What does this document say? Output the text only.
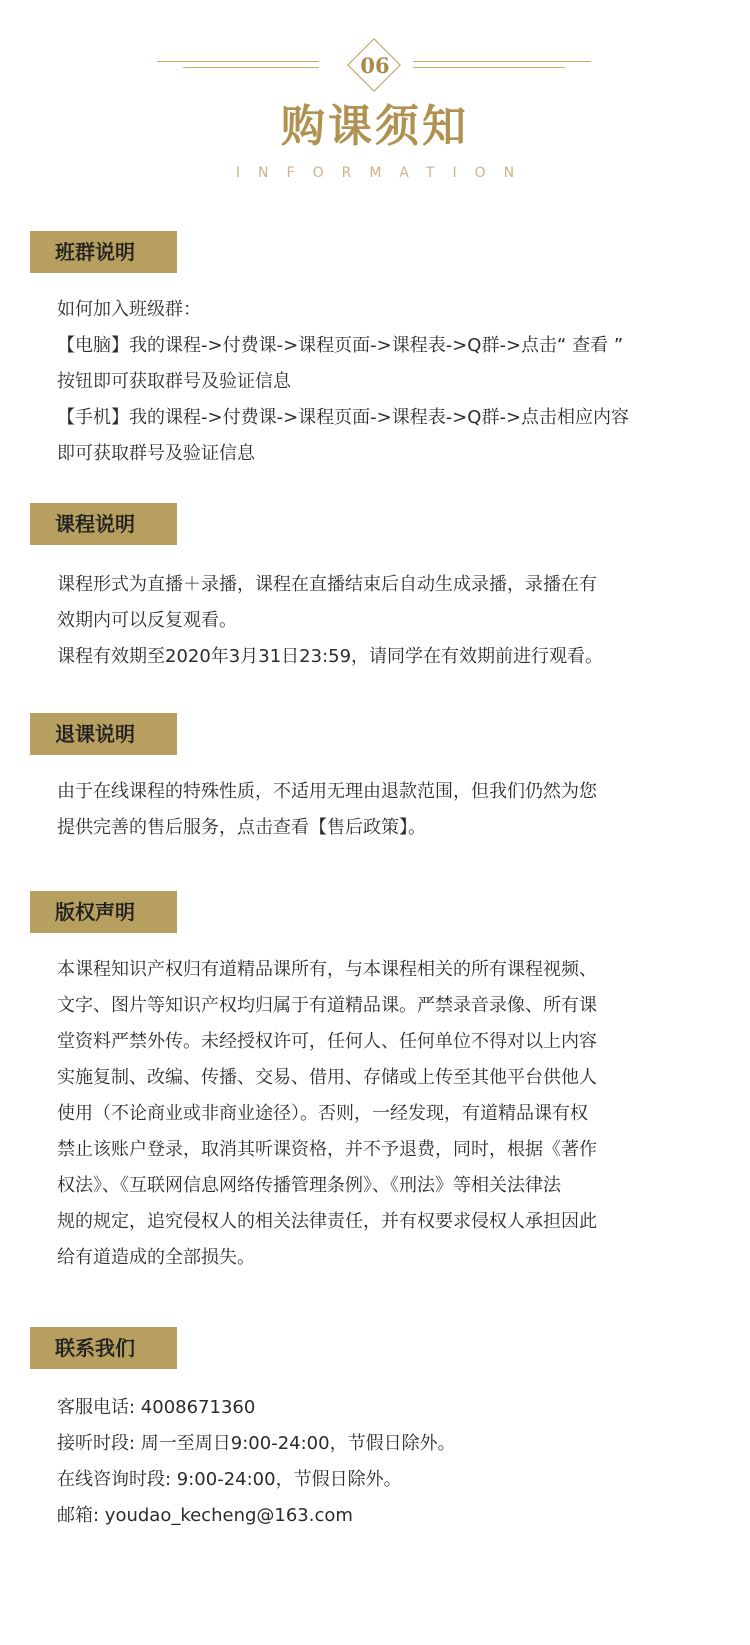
06
购课须知
INFORMATION
班群说明
如何加入班级群：
【电脑】我的课程->付费课->课程页面->课程表->Q群->点击“ 查看 ”
按钮即可获取群号及验证信息
【手机】我的课程->付费课->课程页面->课程表->Q群->点击相应内容
即可获取群号及验证信息
课程说明
课程形式为直播＋录播，课程在直播结束后自动生成录播，录播在有
效期内可以反复观看。
课程有效期至2020年3月31日23:59，请同学在有效期前进行观看。
退课说明
由于在线课程的特殊性质，不适用无理由退款范围，但我们仍然为您
提供完善的售后服务，点击查看【售后政策】。
版权声明
本课程知识产权归有道精品课所有，与本课程相关的所有课程视频、
文字、图片等知识产权均归属于有道精品课。严禁录音录像、所有课
堂资料严禁外传。未经授权许可，任何人、任何单位不得对以上内容
实施复制、改编、传播、交易、借用、存储或上传至其他平台供他人
使用（不论商业或非商业途径）。否则，一经发现，有道精品课有权
禁止该账户登录，取消其听课资格，并不予退费，同时，根据《著作
权法》、《互联网信息网络传播管理条例》、《刑法》等相关法律法
规的规定，追究侵权人的相关法律责任，并有权要求侵权人承担因此
给有道造成的全部损失。
联系我们
客服电话: 4008671360
接听时段: 周一至周日9:00-24:00，节假日除外。
在线咨询时段: 9:00-24:00，节假日除外。
邮箱: youdao_kecheng@163.com
